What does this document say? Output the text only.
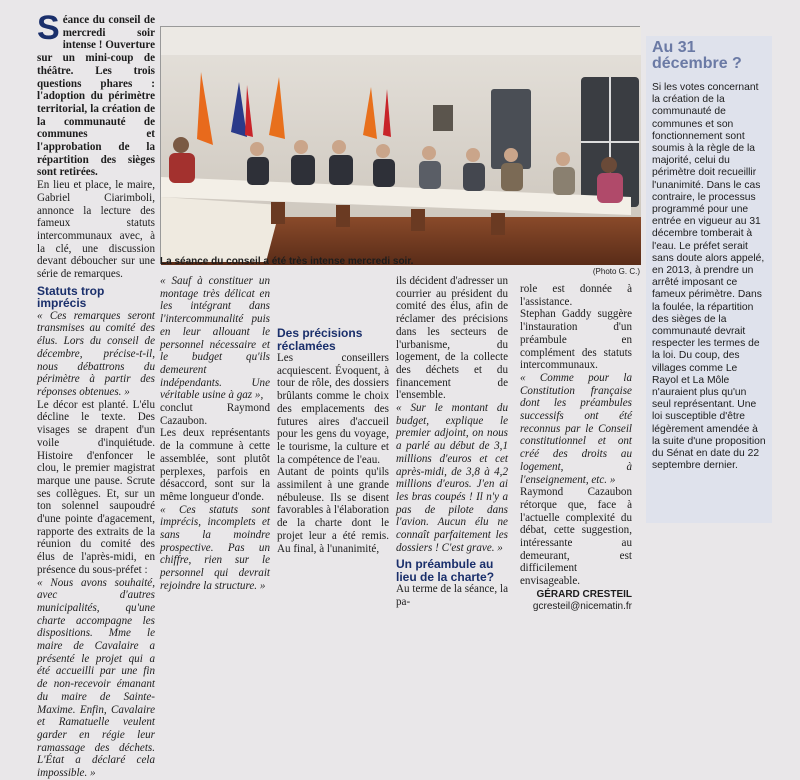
S éance du conseil de mercredi soir intense ! Ouverture sur un mini-coup de théâtre. Les trois questions phares : l'adoption du périmètre territorial, la création de la communauté de communes et l'approbation de la répartition des sièges sont retirées.

En lieu et place, le maire, Gabriel Ciarimboli, annonce la lecture des fameux statuts intercommunaux avec, à la clé, une discussion devant déboucher sur une série de remarques.

Statuts trop imprécis

« Ces remarques seront transmises au comité des élus. Lors du conseil de décembre, précise-t-il, nous débattrons du périmètre à partir des réponses obtenues. »

Le décor est planté. L'élu décline le texte. Des visages se drapent d'un voile d'inquiétude. Histoire d'enfoncer le clou, le premier magistrat marque une pause. Scrute ses collègues. Et, sur un ton solennel saupoudré d'une pointe d'agacement, rapporte des extraits de la réunion du comité des élus de l'après-midi, en présence du sous-préfet :

« Nous avons souhaité, avec d'autres municipalités, qu'une charte accompagne les dispositions. Mme le maire de Cavalaire a présenté le projet qui a été accueilli par une fin de non-recevoir émanant du maire de Sainte-Maxime. Enfin, Cavalaire et Ramatuelle veulent garder en régie leur ramassage des déchets. L'État a déclaré cela impossible. »

« Sauf à constituer un montage très délicat en les intégrant dans l'intercommunalité puis en leur allouant le personnel nécessaire et le budget qu'ils demeurent indépendants. Une véritable usine à gaz »,

conclut Raymond Cazaubon.

Les deux représentants de la commune à cette assemblée, sont plutôt perplexes, parfois en désaccord, sont sur la même longueur d'onde.

« Ces statuts sont imprécis, incomplets et sans la moindre prospective. Pas un chiffre, rien sur le personnel qui devrait rejoindre la structure. »

Des précisions réclamées

Les conseillers acquiescent. Évoquent, à tour de rôle, des dossiers brûlants comme le choix des emplacements des futures aires d'accueil pour les gens du voyage, le tourisme, la culture et la compétence de l'eau.

Autant de points qu'ils assimilent à une grande nébuleuse. Ils se disent favorables à l'élaboration de la charte dont le projet leur a été remis. Au final, à l'unanimité,

ils décident d'adresser un courrier au président du comité des élus, afin de réclamer des précisions dans les secteurs de l'urbanisme, du logement, de la collecte des déchets et du financement de l'ensemble.

« Sur le montant du budget, explique le premier adjoint, on nous a parlé au début de 3,1 millions d'euros et cet après-midi, de 3,8 à 4,2 millions d'euros. J'en ai les bras coupés ! Il n'y a pas de pilote dans l'avion. Aucun élu ne connaît parfaitement les dossiers ! C'est grave. »

Un préambule au lieu de la charte?

Au terme de la séance, la pa-

role est donnée à l'assistance.

Stephan Gaddy suggère l'instauration d'un préambule en complément des statuts intercommunaux.

« Comme pour la Constitution française dont les préambules successifs ont été reconnus par le Conseil constitutionnel et ont créé des droits au logement, à l'enseignement, etc. »

Raymond Cazaubon rétorque que, face à l'actuelle complexité du débat, cette suggestion, intéressante au demeurant, est difficilement envisageable.

GÉRARD CRESTEIL
gcresteil@nicematin.fr
La séance du conseil a été très intense mercredi soir.
(Photo G. C.)
Au 31 décembre ?
Si les votes concernant la création de la communauté de communes et son fonctionnement sont soumis à la règle de la majorité, celui du périmètre doit recueillir l'unanimité. Dans le cas contraire, le processus programmé pour une entrée en vigueur au 31 décembre tomberait à l'eau. Le préfet serait sans doute alors appelé, en 2013, à prendre un arrêté imposant ce fameux périmètre. Dans la foulée, la répartition des sièges de la communauté devrait respecter les termes de la loi. Du coup, des villages comme Le Rayol et La Môle n'auraient plus qu'un seul représentant. Une loi susceptible d'être légèrement amendée à la suite d'une proposition du Sénat en date du 22 septembre dernier.
